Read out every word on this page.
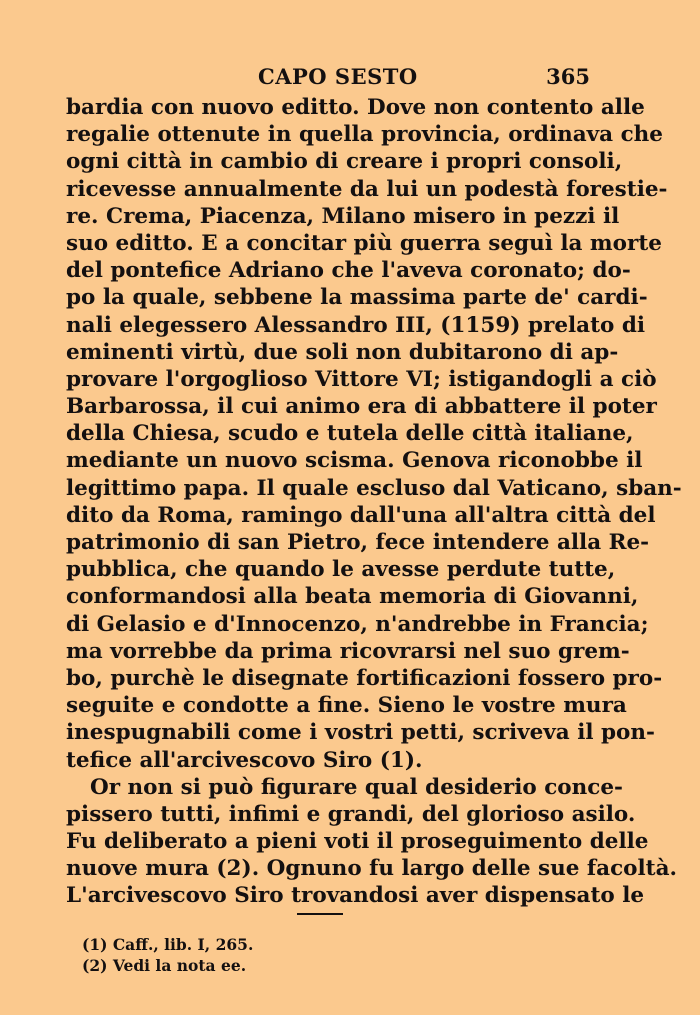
CAPO SESTO	365
bardia con nuovo editto. Dove non contento alle
regalie ottenute in quella provincia, ordinava che
ogni città in cambio di creare i propri consoli,
ricevesse annualmente da lui un podestà forestie-
re. Crema, Piacenza, Milano misero in pezzi il
suo editto. E a concitar più guerra seguì la morte
del pontefice Adriano che l'aveva coronato; do-
po la quale, sebbene la massima parte de' cardi-
nali elegessero Alessandro III, (1159) prelato di
eminenti virtù, due soli non dubitarono di ap-
provare l'orgoglioso Vittore VI; istigandogli a ciò
Barbarossa, il cui animo era di abbattere il poter
della Chiesa, scudo e tutela delle città italiane,
mediante un nuovo scisma. Genova riconobbe il
legittimo papa. Il quale escluso dal Vaticano, sban-
dito da Roma, ramingo dall'una all'altra città del
patrimonio di san Pietro, fece intendere alla Re-
pubblica, che quando le avesse perdute tutte,
conformandosi alla beata memoria di Giovanni,
di Gelasio e d'Innocenzo, n'andrebbe in Francia;
ma vorrebbe da prima ricovrarsi nel suo grem-
bo, purchè le disegnate fortificazioni fossero pro-
seguite e condotte a fine. Sieno le vostre mura
inespugnabili come i vostri petti, scriveva il pon-
tefice all'arcivescovo Siro (1).
Or non si può figurare qual desiderio conce-
pissero tutti, infimi e grandi, del glorioso asilo.
Fu deliberato a pieni voti il proseguimento delle
nuove mura (2). Ognuno fu largo delle sue facoltà.
L'arcivescovo Siro trovandosi aver dispensato le
(1) Caff., lib. I, 265.
(2) Vedi la nota ee.
